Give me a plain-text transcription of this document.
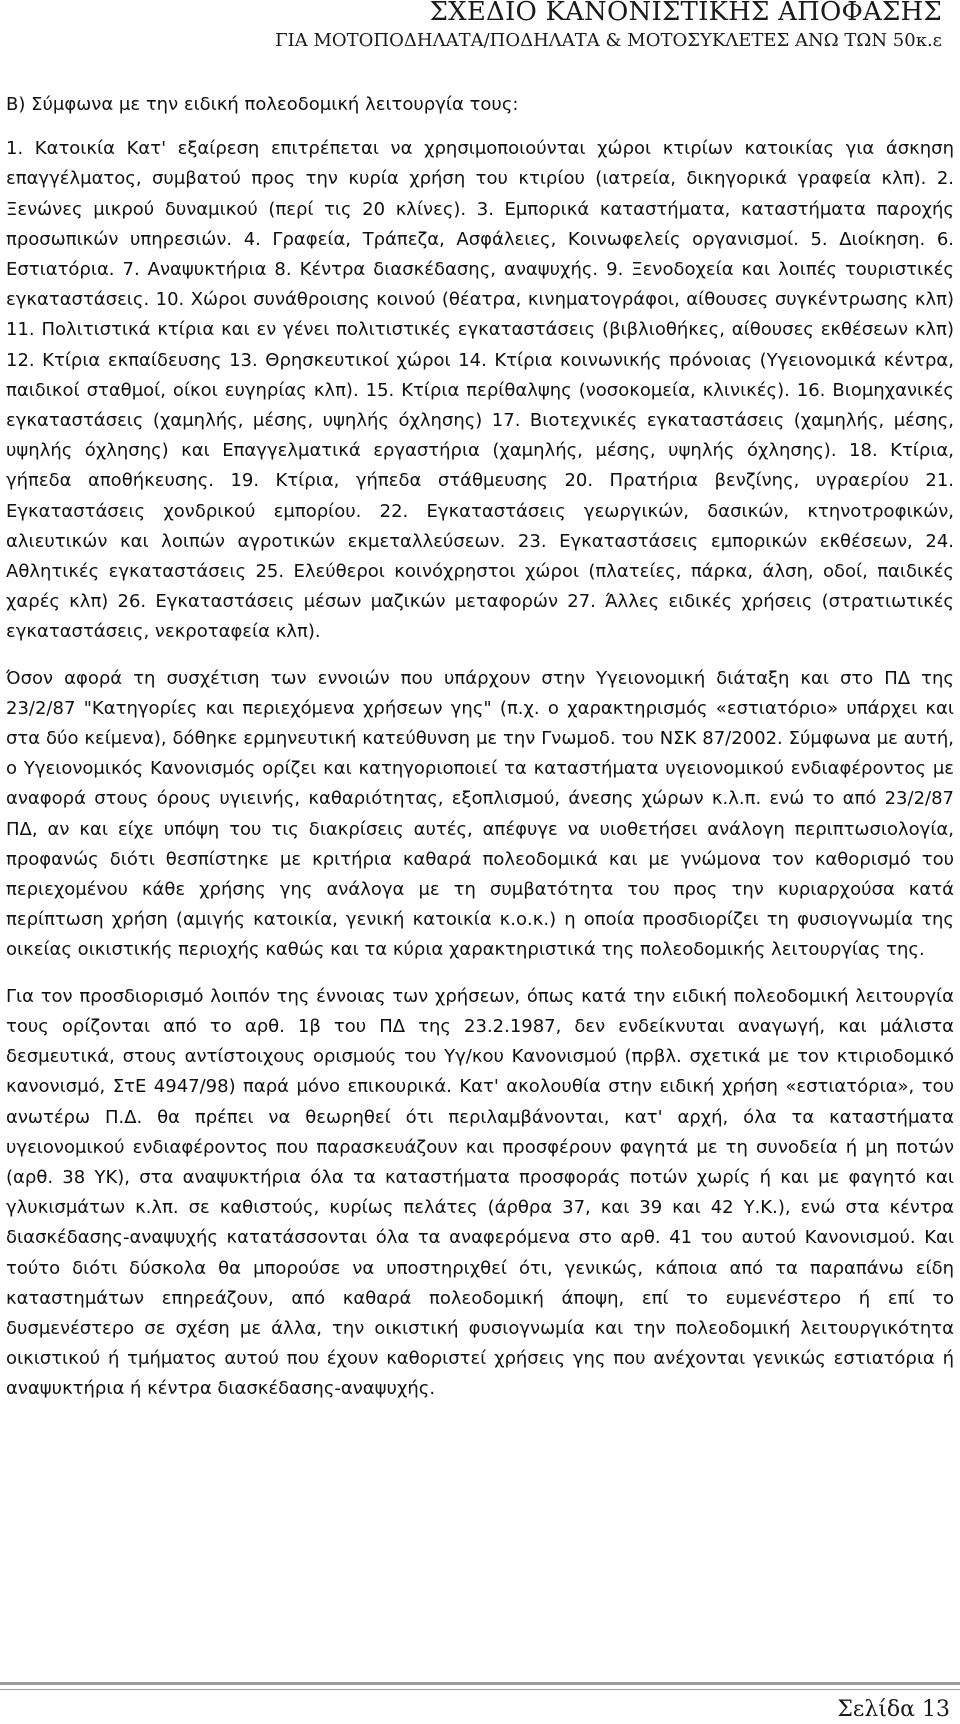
ΣΧΕΔΙΟ ΚΑΝΟΝΙΣΤΙΚΗΣ ΑΠΟΦΑΣΗΣ
ΓΙΑ ΜΟΤΟΠΟΔΗΛΑΤΑ/ΠΟΔΗΛΑΤΑ & ΜΟΤΟΣΥΚΛΕΤΕΣ ΑΝΩ ΤΩΝ 50κ.ε

Β) Σύμφωνα με την ειδική πολεοδομική λειτουργία τους:

1. Κατοικία Κατ' εξαίρεση επιτρέπεται να χρησιμοποιούνται χώροι κτιρίων κατοικίας για άσκηση επαγγέλματος, συμβατού προς την κυρία χρήση του κτιρίου (ιατρεία, δικηγορικά γραφεία κλπ). 2. Ξενώνες μικρού δυναμικού (περί τις 20 κλίνες). 3. Εμπορικά καταστήματα, καταστήματα παροχής προσωπικών υπηρεσιών. 4. Γραφεία, Τράπεζα, Ασφάλειες, Κοινωφελείς οργανισμοί. 5. Διοίκηση. 6. Εστιατόρια. 7. Αναψυκτήρια 8. Κέντρα διασκέδασης, αναψυχής. 9. Ξενοδοχεία και λοιπές τουριστικές εγκαταστάσεις. 10. Χώροι συνάθροισης κοινού (θέατρα, κινηματογράφοι, αίθουσες συγκέντρωσης κλπ) 11. Πολιτιστικά κτίρια και εν γένει πολιτιστικές εγκαταστάσεις (βιβλιοθήκες, αίθουσες εκθέσεων κλπ) 12. Κτίρια εκπαίδευσης 13. Θρησκευτικοί χώροι 14. Κτίρια κοινωνικής πρόνοιας (Υγειονομικά κέντρα, παιδικοί σταθμοί, οίκοι ευγηρίας κλπ). 15. Κτίρια περίθαλψης (νοσοκομεία, κλινικές). 16. Βιομηχανικές εγκαταστάσεις (χαμηλής, μέσης, υψηλής όχλησης) 17. Βιοτεχνικές εγκαταστάσεις (χαμηλής, μέσης, υψηλής όχλησης) και Επαγγελματικά εργαστήρια (χαμηλής, μέσης, υψηλής όχλησης). 18. Κτίρια, γήπεδα αποθήκευσης. 19. Κτίρια, γήπεδα στάθμευσης 20. Πρατήρια βενζίνης, υγραερίου 21. Εγκαταστάσεις χονδρικού εμπορίου. 22. Εγκαταστάσεις γεωργικών, δασικών, κτηνοτροφικών, αλιευτικών και λοιπών αγροτικών εκμεταλλεύσεων. 23. Εγκαταστάσεις εμπορικών εκθέσεων, 24. Αθλητικές εγκαταστάσεις 25. Ελεύθεροι κοινόχρηστοι χώροι (πλατείες, πάρκα, άλση, οδοί, παιδικές χαρές κλπ) 26. Εγκαταστάσεις μέσων μαζικών μεταφορών 27. Άλλες ειδικές χρήσεις (στρατιωτικές εγκαταστάσεις, νεκροταφεία κλπ).

Όσον αφορά τη συσχέτιση των εννοιών που υπάρχουν στην Υγειονομική διάταξη και στο ΠΔ της 23/2/87 "Κατηγορίες και περιεχόμενα χρήσεων γης" (π.χ. ο χαρακτηρισμός «εστιατόριο» υπάρχει και στα δύο κείμενα), δόθηκε ερμηνευτική κατεύθυνση με την Γνωμοδ. του ΝΣΚ 87/2002. Σύμφωνα με αυτή, ο Υγειονομικός Κανονισμός ορίζει και κατηγοριοποιεί τα καταστήματα υγειονομικού ενδιαφέροντος με αναφορά στους όρους υγιεινής, καθαριότητας, εξοπλισμού, άνεσης χώρων κ.λ.π. ενώ το από 23/2/87 ΠΔ, αν και είχε υπόψη του τις διακρίσεις αυτές, απέφυγε να υιοθετήσει ανάλογη περιπτωσιολογία, προφανώς διότι θεσπίστηκε με κριτήρια καθαρά πολεοδομικά και με γνώμονα τον καθορισμό του περιεχομένου κάθε χρήσης γης ανάλογα με τη συμβατότητα του προς την κυριαρχούσα κατά περίπτωση χρήση (αμιγής κατοικία, γενική κατοικία κ.ο.κ.) η οποία προσδιορίζει τη φυσιογνωμία της οικείας οικιστικής περιοχής καθώς και τα κύρια χαρακτηριστικά της πολεοδομικής λειτουργίας της.

Για τον προσδιορισμό λοιπόν της έννοιας των χρήσεων, όπως κατά την ειδική πολεοδομική λειτουργία τους ορίζονται από το αρθ. 1β του ΠΔ της 23.2.1987, δεν ενδείκνυται αναγωγή, και μάλιστα δεσμευτικά, στους αντίστοιχους ορισμούς του Υγ/κου Κανονισμού (πρβλ. σχετικά με τον κτιριοδομικό κανονισμό, ΣτΕ 4947/98) παρά μόνο επικουρικά. Κατ' ακολουθία στην ειδική χρήση «εστιατόρια», του ανωτέρω Π.Δ. θα πρέπει να θεωρηθεί ότι περιλαμβάνονται, κατ' αρχή, όλα τα καταστήματα υγειονομικού ενδιαφέροντος που παρασκευάζουν και προσφέρουν φαγητά με τη συνοδεία ή μη ποτών (αρθ. 38 ΥΚ), στα αναψυκτήρια όλα τα καταστήματα προσφοράς ποτών χωρίς ή και με φαγητό και γλυκισμάτων κ.λπ. σε καθιστούς, κυρίως πελάτες (άρθρα 37, και 39 και 42 Υ.Κ.), ενώ στα κέντρα διασκέδασης-αναψυχής κατατάσσονται όλα τα αναφερόμενα στο αρθ. 41 του αυτού Κανονισμού. Και τούτο διότι δύσκολα θα μπορούσε να υποστηριχθεί ότι, γενικώς, κάποια από τα παραπάνω είδη καταστημάτων επηρεάζουν, από καθαρά πολεοδομική άποψη, επί το ευμενέστερο ή επί το δυσμενέστερο σε σχέση με άλλα, την οικιστική φυσιογνωμία και την πολεοδομική λειτουργικότητα οικιστικού ή τμήματος αυτού που έχουν καθοριστεί χρήσεις γης που ανέχονται γενικώς εστιατόρια ή αναψυκτήρια ή κέντρα διασκέδασης-αναψυχής.

Σελίδα 13
